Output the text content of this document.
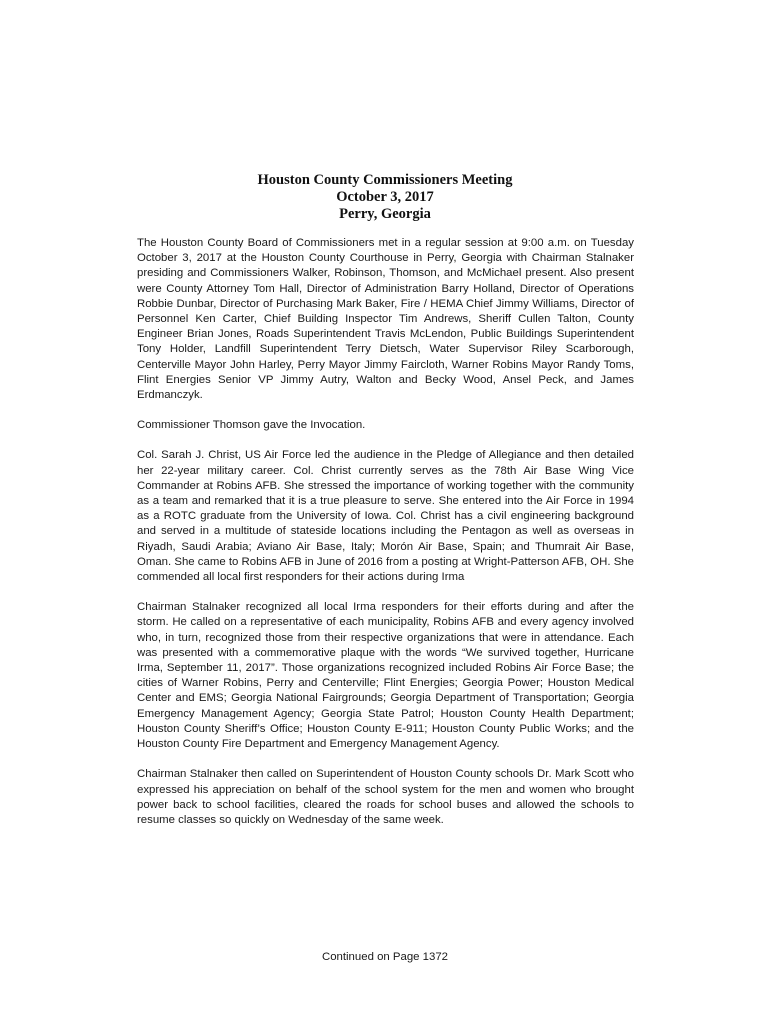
Houston County Commissioners Meeting
October 3, 2017
Perry, Georgia

The Houston County Board of Commissioners met in a regular session at 9:00 a.m. on Tuesday October 3, 2017 at the Houston County Courthouse in Perry, Georgia with Chairman Stalnaker presiding and Commissioners Walker, Robinson, Thomson, and McMichael present. Also present were County Attorney Tom Hall, Director of Administration Barry Holland, Director of Operations Robbie Dunbar, Director of Purchasing Mark Baker, Fire / HEMA Chief Jimmy Williams, Director of Personnel Ken Carter, Chief Building Inspector Tim Andrews, Sheriff Cullen Talton, County Engineer Brian Jones, Roads Superintendent Travis McLendon, Public Buildings Superintendent Tony Holder, Landfill Superintendent Terry Dietsch, Water Supervisor Riley Scarborough, Centerville Mayor John Harley, Perry Mayor Jimmy Faircloth, Warner Robins Mayor Randy Toms, Flint Energies Senior VP Jimmy Autry, Walton and Becky Wood, Ansel Peck, and James Erdmanczyk.

Commissioner Thomson gave the Invocation.

Col. Sarah J. Christ, US Air Force led the audience in the Pledge of Allegiance and then detailed her 22-year military career. Col. Christ currently serves as the 78th Air Base Wing Vice Commander at Robins AFB. She stressed the importance of working together with the community as a team and remarked that it is a true pleasure to serve. She entered into the Air Force in 1994 as a ROTC graduate from the University of Iowa. Col. Christ has a civil engineering background and served in a multitude of stateside locations including the Pentagon as well as overseas in Riyadh, Saudi Arabia; Aviano Air Base, Italy; Morón Air Base, Spain; and Thumrait Air Base, Oman. She came to Robins AFB in June of 2016 from a posting at Wright-Patterson AFB, OH. She commended all local first responders for their actions during Irma

Chairman Stalnaker recognized all local Irma responders for their efforts during and after the storm. He called on a representative of each municipality, Robins AFB and every agency involved who, in turn, recognized those from their respective organizations that were in attendance. Each was presented with a commemorative plaque with the words “We survived together, Hurricane Irma, September 11, 2017”. Those organizations recognized included Robins Air Force Base; the cities of Warner Robins, Perry and Centerville; Flint Energies; Georgia Power; Houston Medical Center and EMS; Georgia National Fairgrounds; Georgia Department of Transportation; Georgia Emergency Management Agency; Georgia State Patrol; Houston County Health Department; Houston County Sheriff’s Office; Houston County E-911; Houston County Public Works; and the Houston County Fire Department and Emergency Management Agency.

Chairman Stalnaker then called on Superintendent of Houston County schools Dr. Mark Scott who expressed his appreciation on behalf of the school system for the men and women who brought power back to school facilities, cleared the roads for school buses and allowed the schools to resume classes so quickly on Wednesday of the same week.

Continued on Page 1372
